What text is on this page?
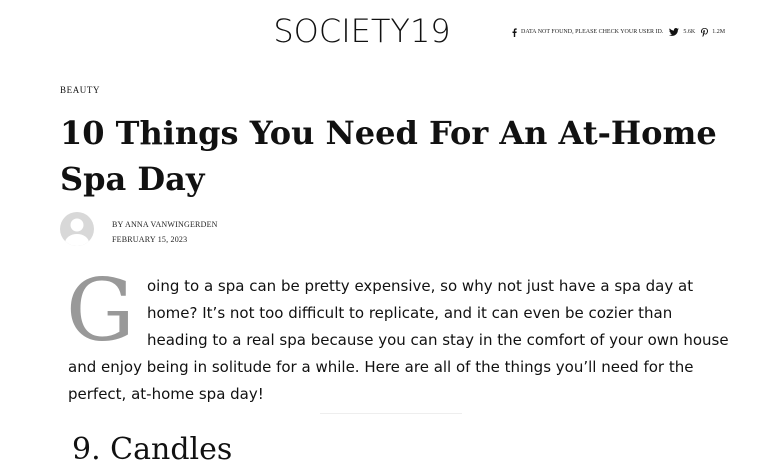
SOCIETY19	DATA NOT FOUND, PLEASE CHECK YOUR USER ID.	5.6K	1.2M
BEAUTY
10 Things You Need For An At-Home Spa Day
BY ANNA VANWINGERDEN
FEBRUARY 15, 2023
G oing to a spa can be pretty expensive, so why not just have a spa day at
home? It’s not too difficult to replicate, and it can even be cozier than
heading to a real spa because you can stay in the comfort of your own house
and enjoy being in solitude for a while. Here are all of the things you’ll need for the
perfect, at-home spa day!
9. Candles
